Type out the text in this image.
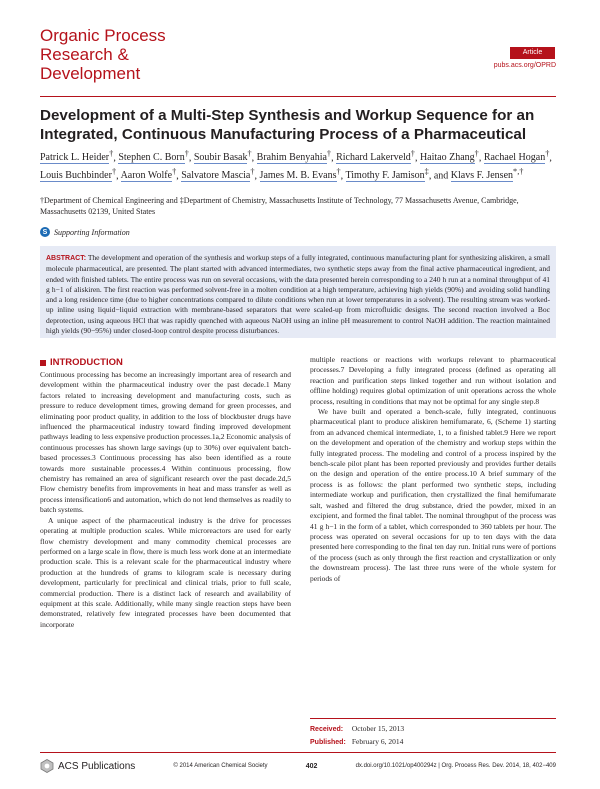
Organic Process
Research &
Development
Article
pubs.acs.org/OPRD
Development of a Multi-Step Synthesis and Workup Sequence for an Integrated, Continuous Manufacturing Process of a Pharmaceutical
Patrick L. Heider†, Stephen C. Born†, Soubir Basak†, Brahim Benyahia†, Richard Lakerveld†, Haitao Zhang†, Rachael Hogan†, Louis Buchbinder†, Aaron Wolfe†, Salvatore Mascia†, James M. B. Evans†, Timothy F. Jamison‡, and Klavs F. Jensen*,†
†Department of Chemical Engineering and ‡Department of Chemistry, Massachusetts Institute of Technology, 77 Massachusetts Avenue, Cambridge, Massachusetts 02139, United States
S Supporting Information
ABSTRACT: The development and operation of the synthesis and workup steps of a fully integrated, continuous manufacturing plant for synthesizing aliskiren, a small molecule pharmaceutical, are presented. The plant started with advanced intermediates, two synthetic steps away from the final active pharmaceutical ingredient, and ended with finished tablets. The entire process was run on several occasions, with the data presented herein corresponding to a 240 h run at a nominal throughput of 41 g h−1 of aliskiren. The first reaction was performed solvent-free in a molten condition at a high temperature, achieving high yields (90%) and avoiding solid handling and a long residence time (due to higher concentrations compared to dilute conditions when run at lower temperatures in a solvent). The resulting stream was worked-up inline using liquid−liquid extraction with membrane-based separators that were scaled-up from microfluidic designs. The second reaction involved a Boc deprotection, using aqueous HCl that was rapidly quenched with aqueous NaOH using an inline pH measurement to control NaOH addition. The reaction maintained high yields (90−95%) under closed-loop control despite process disturbances.
INTRODUCTION

Continuous processing has become an increasingly important area of research and development within the pharmaceutical industry over the past decade.1 Many factors related to increasing development and manufacturing costs, such as pressure to reduce development times, growing demand for green processes, and eliminating poor product quality, in addition to the loss of blockbuster drugs have influenced the pharmaceutical industry toward finding improved development pathways leading to less expensive production processes.1a,2 Economic analysis of continuous processes has shown large savings (up to 30%) over equivalent batch-based processes.3 Continuous processing has also been identified as a route towards more sustainable processes.4 Within continuous processing, flow chemistry has remained an area of significant research over the past decade.2d,5 Flow chemistry benefits from improvements in heat and mass transfer as well as process intensification6 and automation, which do not lend themselves as readily to batch systems.

A unique aspect of the pharmaceutical industry is the drive for processes operating at multiple production scales. While microreactors are used for early flow chemistry development and many commodity chemical processes are performed on a large scale in flow, there is much less work done at an intermediate production scale. This is a relevant scale for the pharmaceutical industry where production at the hundreds of grams to kilogram scale is necessary during development, particularly for preclinical and clinical trials, prior to full scale, commercial production. There is a distinct lack of research and availability of equipment at this scale. Additionally, while many single reaction steps have been demonstrated, relatively few integrated processes have been documented that incorporate

multiple reactions or reactions with workups relevant to pharmaceutical processes.7 Developing a fully integrated process (defined as operating all reaction and purification steps linked together and run without isolation and offline holding) requires global optimization of unit operations across the whole process, resulting in conditions that may not be optimal for any single step.8

We have built and operated a bench-scale, fully integrated, continuous pharmaceutical plant to produce aliskiren hemifumarate, 6, (Scheme 1) starting from an advanced chemical intermediate, 1, to a finished tablet.9 Here we report on the development and operation of the chemistry and workup steps within the fully integrated process. The modeling and control of a process inspired by the bench-scale pilot plant has been reported previously and provides further details on the design and operation of the entire process.10 A brief summary of the process is as follows: the plant performed two synthetic steps, including intermediate workup and purification, then crystallized the final hemifumarate salt, washed and filtered the drug substance, dried the powder, mixed in an excipient, and formed the final tablet. The nominal throughput of the process was 41 g h−1 in the form of a tablet, which corresponded to 360 tablets per hour. The process was operated on several occasions for up to ten days with the data presented here corresponding to the final ten day run. Initial runs were of portions of the process (such as only through the first reaction and crystallization or only the downstream process). The last three runs were of the whole system for periods of

Received: October 15, 2013
Published: February 6, 2014
ACS Publications	© 2014 American Chemical Society	402	dx.doi.org/10.1021/op400294z | Org. Process Res. Dev. 2014, 18, 402−409
